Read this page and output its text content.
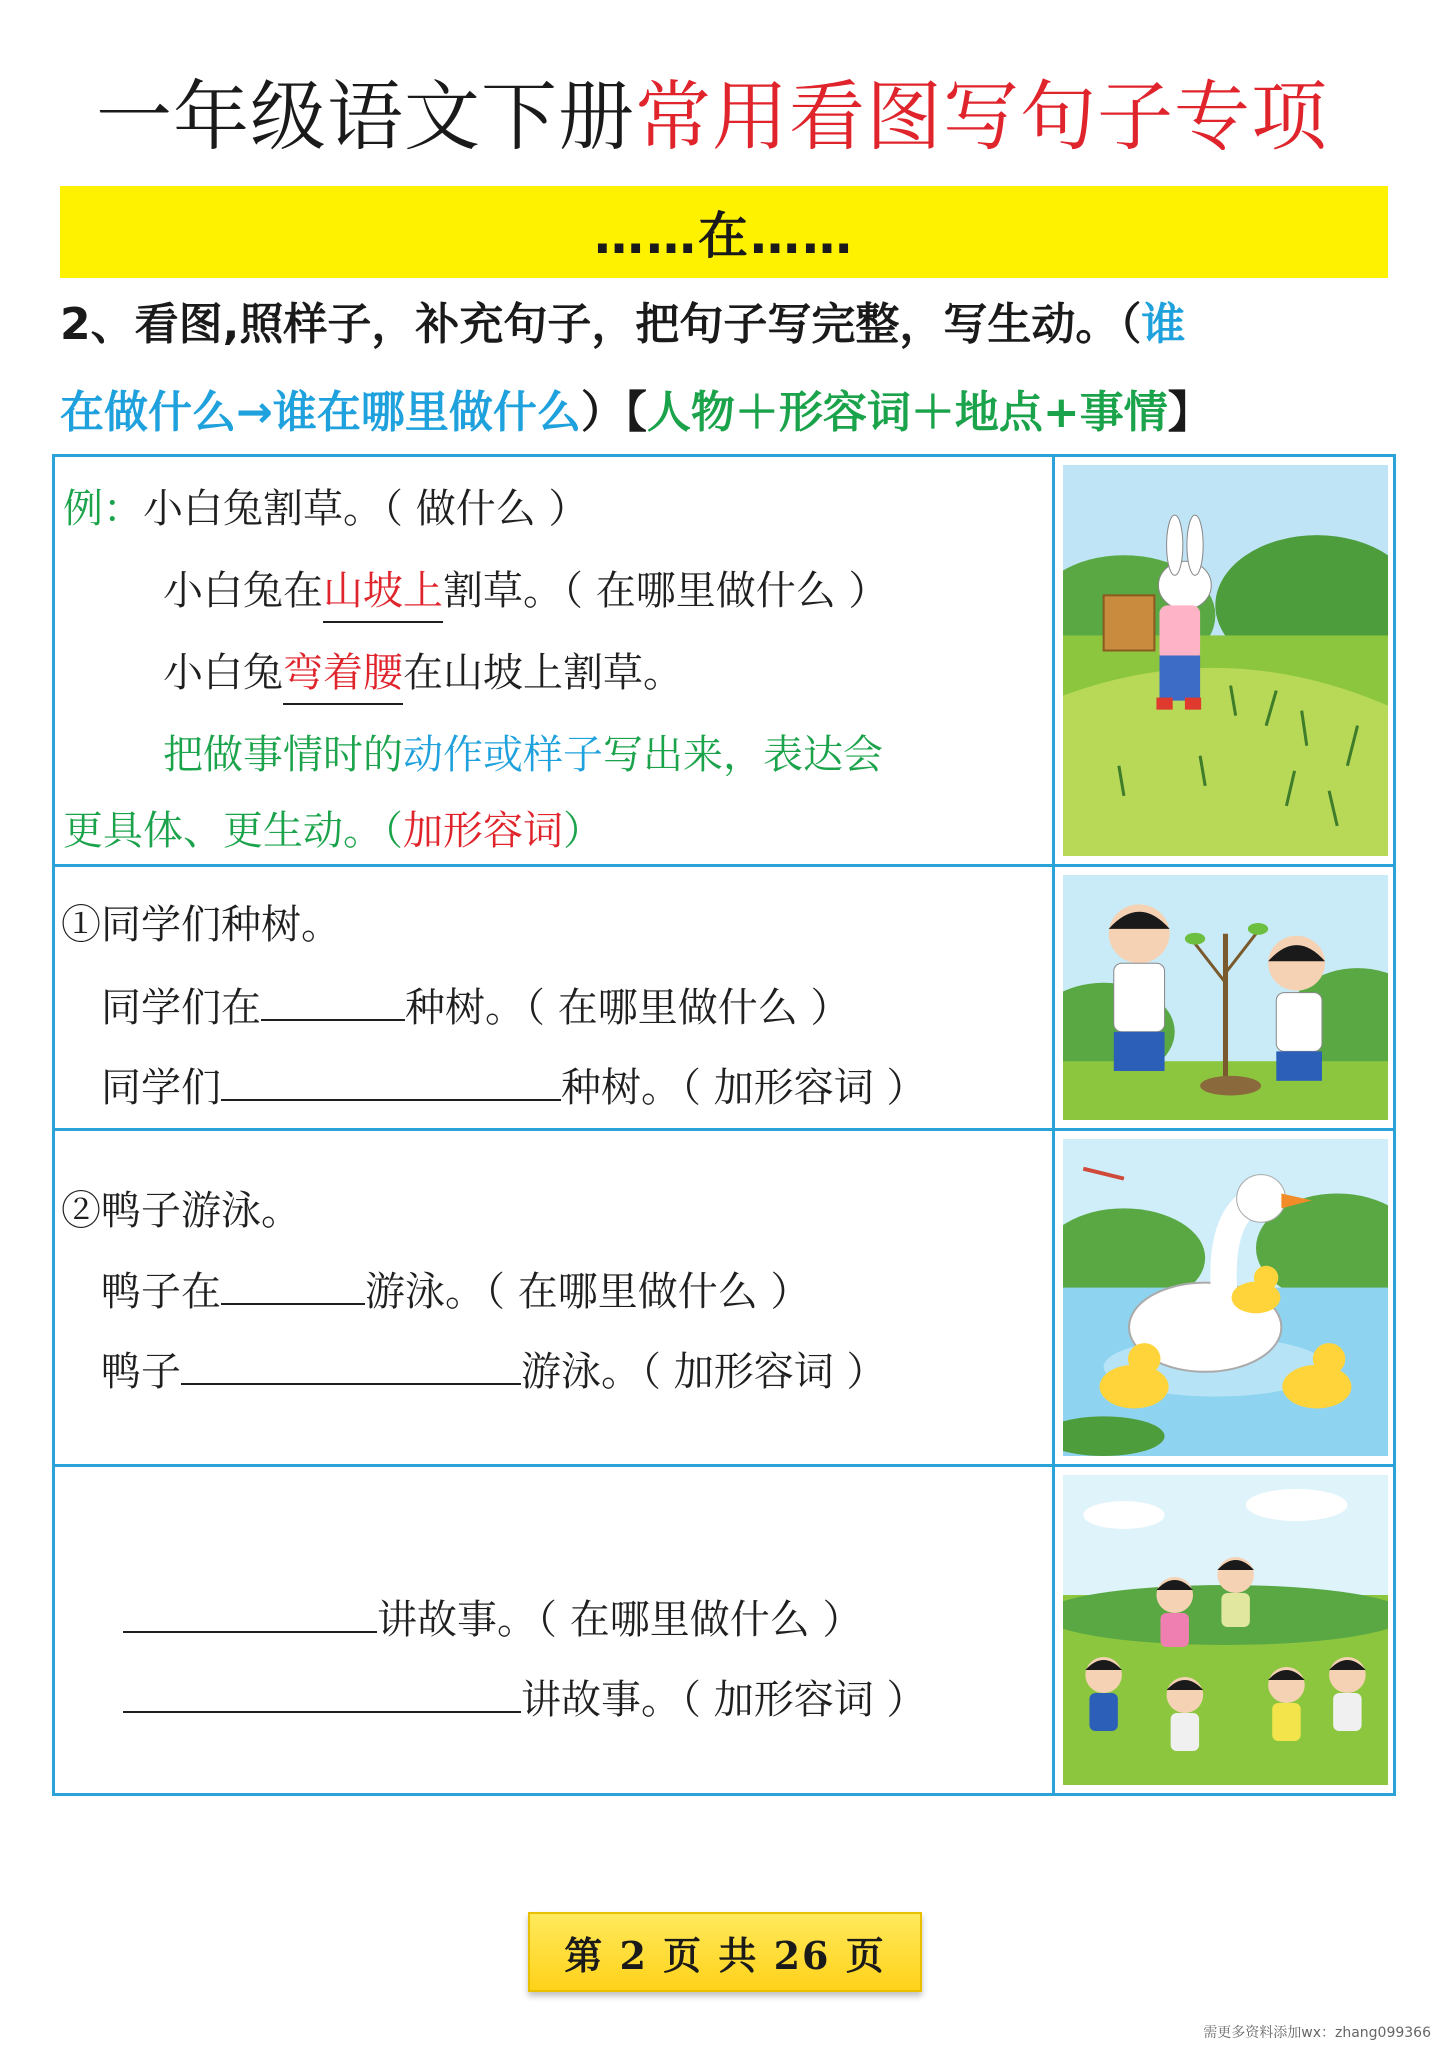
一年级语文下册常用看图写句子专项
……在……
2、看图,照样子，补充句子，把句子写完整，写生动。（谁
在做什么→谁在哪里做什么）【人物＋形容词＋地点+事情】
例：小白兔割草。（ 做什么 ）
小白兔在山坡上割草。（ 在哪里做什么 ）
小白兔弯着腰在山坡上割草。
把做事情时的动作或样子写出来，表达会
更具体、更生动。（加形容词）
①同学们种树。
同学们在	种树。（ 在哪里做什么 ）
同学们	种树。（ 加形容词 ）
②鸭子游泳。
鸭子在	游泳。（ 在哪里做什么 ）
鸭子	游泳。（ 加形容词 ）
讲故事。（ 在哪里做什么 ）
讲故事。（ 加形容词 ）
第 2 页 共 26 页
需更多资料添加wx：zhang099366
